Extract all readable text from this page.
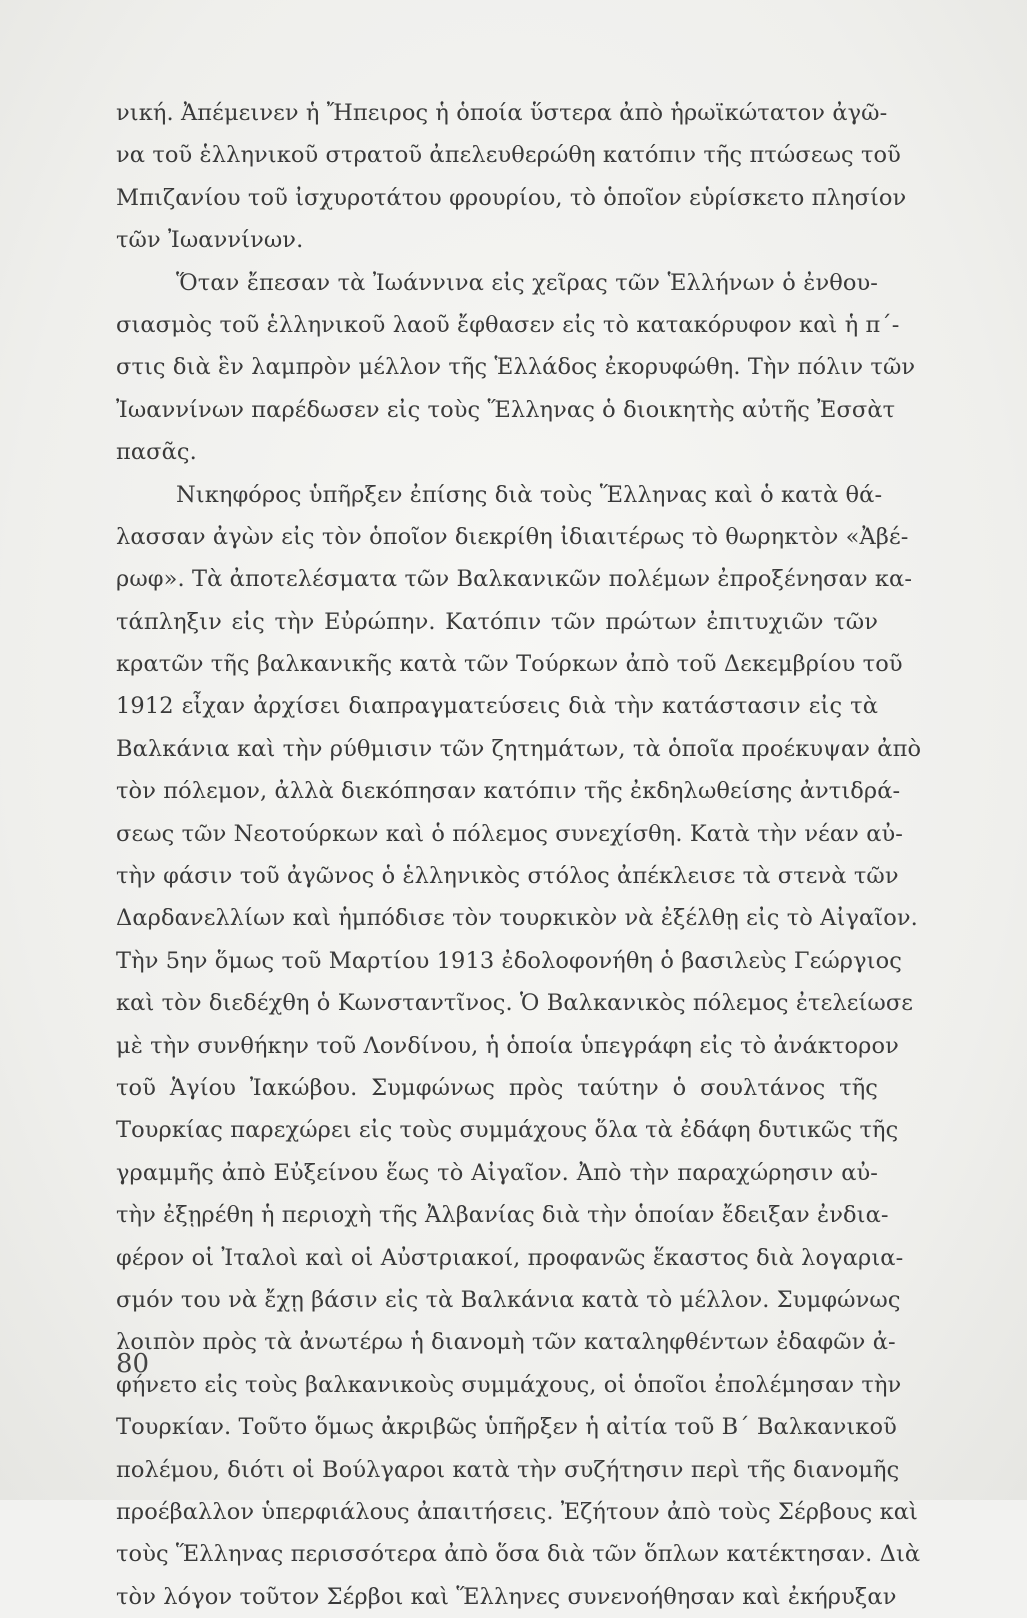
νική. Ἀπέμεινεν ἡ Ἤπειρος ἡ ὁποία ὕστερα ἀπὸ ἡρωϊκώτατον ἀγῶ-
να τοῦ ἑλληνικοῦ στρατοῦ ἀπελευθερώθη κατόπιν τῆς πτώσεως τοῦ
Μπιζανίου τοῦ ἰσχυροτάτου φρουρίου, τὸ ὁποῖον εὑρίσκετο πλησίον
τῶν Ἰωαννίνων.
Ὅταν ἔπεσαν τὰ Ἰωάννινα εἰς χεῖρας τῶν Ἑλλήνων ὁ ἐνθου-
σιασμὸς τοῦ ἑλληνικοῦ λαοῦ ἔφθασεν εἰς τὸ κατακόρυφον καὶ ἡ π΄-
στις διὰ ἓν λαμπρὸν μέλλον τῆς Ἑλλάδος ἐκορυφώθη. Τὴν πόλιν τῶν
Ἰωαννίνων παρέδωσεν εἰς τοὺς Ἕλληνας ὁ διοικητὴς αὐτῆς Ἐσσὰτ
πασᾶς.
Νικηφόρος ὑπῆρξεν ἐπίσης διὰ τοὺς Ἕλληνας καὶ ὁ κατὰ θά-
λασσαν ἀγὼν εἰς τὸν ὁποῖον διεκρίθη ἰδιαιτέρως τὸ θωρηκτὸν «Ἀβέ-
ρωφ». Τὰ ἀποτελέσματα τῶν Βαλκανικῶν πολέμων ἐπροξένησαν κα-
τάπληξιν εἰς τὴν Εὐρώπην. Κατόπιν τῶν πρώτων ἐπιτυχιῶν τῶν
κρατῶν τῆς βαλκανικῆς κατὰ τῶν Τούρκων ἀπὸ τοῦ Δεκεμβρίου τοῦ
1912 εἶχαν ἀρχίσει διαπραγματεύσεις διὰ τὴν κατάστασιν εἰς τὰ
Βαλκάνια καὶ τὴν ρύθμισιν τῶν ζητημάτων, τὰ ὁποῖα προέκυψαν ἀπὸ
τὸν πόλεμον, ἀλλὰ διεκόπησαν κατόπιν τῆς ἐκδηλωθείσης ἀντιδρά-
σεως τῶν Νεοτούρκων καὶ ὁ πόλεμος συνεχίσθη. Κατὰ τὴν νέαν αὐ-
τὴν φάσιν τοῦ ἀγῶνος ὁ ἑλληνικὸς στόλος ἀπέκλεισε τὰ στενὰ τῶν
Δαρδανελλίων καὶ ἡμπόδισε τὸν τουρκικὸν νὰ ἐξέλθῃ εἰς τὸ Αἰγαῖον.
Τὴν 5ην ὅμως τοῦ Μαρτίου 1913 ἐδολοφονήθη ὁ βασιλεὺς Γεώργιος
καὶ τὸν διεδέχθη ὁ Κωνσταντῖνος. Ὁ Βαλκανικὸς πόλεμος ἐτελείωσε
μὲ τὴν συνθήκην τοῦ Λονδίνου, ἡ ὁποία ὑπεγράφη εἰς τὸ ἀνάκτορον
τοῦ Ἁγίου Ἰακώβου. Συμφώνως πρὸς ταύτην ὁ σουλτάνος τῆς
Τουρκίας παρεχώρει εἰς τοὺς συμμάχους ὅλα τὰ ἐδάφη δυτικῶς τῆς
γραμμῆς ἀπὸ Εὐξείνου ἕως τὸ Αἰγαῖον. Ἀπὸ τὴν παραχώρησιν αὐ-
τὴν ἐξῃρέθη ἡ περιοχὴ τῆς Ἀλβανίας διὰ τὴν ὁποίαν ἔδειξαν ἐνδια-
φέρον οἱ Ἰταλοὶ καὶ οἱ Αὐστριακοί, προφανῶς ἕκαστος διὰ λογαρια-
σμόν του νὰ ἔχῃ βάσιν εἰς τὰ Βαλκάνια κατὰ τὸ μέλλον. Συμφώνως
λοιπὸν πρὸς τὰ ἀνωτέρω ἡ διανομὴ τῶν καταληφθέντων ἐδαφῶν ἀ-
φήνετο εἰς τοὺς βαλκανικοὺς συμμάχους, οἱ ὁποῖοι ἐπολέμησαν τὴν
Τουρκίαν. Τοῦτο ὅμως ἀκριβῶς ὑπῆρξεν ἡ αἰτία τοῦ Β΄ Βαλκανικοῦ
πολέμου, διότι οἱ Βούλγαροι κατὰ τὴν συζήτησιν περὶ τῆς διανομῆς
προέβαλλον ὑπερφιάλους ἀπαιτήσεις. Ἐζήτουν ἀπὸ τοὺς Σέρβους καὶ
τοὺς Ἕλληνας περισσότερα ἀπὸ ὅσα διὰ τῶν ὅπλων κατέκτησαν. Διὰ
τὸν λόγον τοῦτον Σέρβοι καὶ Ἕλληνες συνενοήθησαν καὶ ἐκήρυξαν
80
